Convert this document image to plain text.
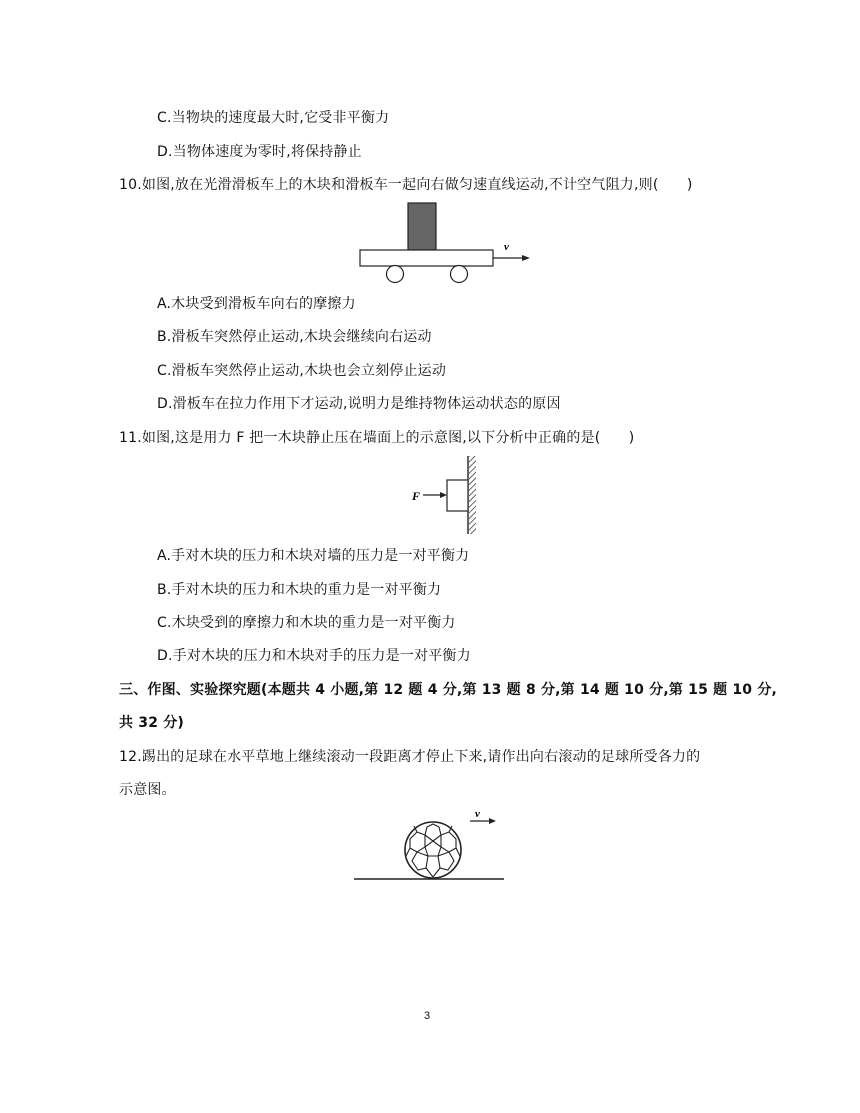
C.当物块的速度最大时,它受非平衡力
D.当物体速度为零时,将保持静止
10.如图,放在光滑滑板车上的木块和滑板车一起向右做匀速直线运动,不计空气阻力,则(　　)
v
A.木块受到滑板车向右的摩擦力
B.滑板车突然停止运动,木块会继续向右运动
C.滑板车突然停止运动,木块也会立刻停止运动
D.滑板车在拉力作用下才运动,说明力是维持物体运动状态的原因
11.如图,这是用力 F 把一木块静止压在墙面上的示意图,以下分析中正确的是(　　)
F
A.手对木块的压力和木块对墙的压力是一对平衡力
B.手对木块的压力和木块的重力是一对平衡力
C.木块受到的摩擦力和木块的重力是一对平衡力
D.手对木块的压力和木块对手的压力是一对平衡力
三、作图、实验探究题(本题共 4 小题,第 12 题 4 分,第 13 题 8 分,第 14 题 10 分,第 15 题 10 分,
共 32 分)
12.踢出的足球在水平草地上继续滚动一段距离才停止下来,请作出向右滚动的足球所受各力的
示意图。
v
3
